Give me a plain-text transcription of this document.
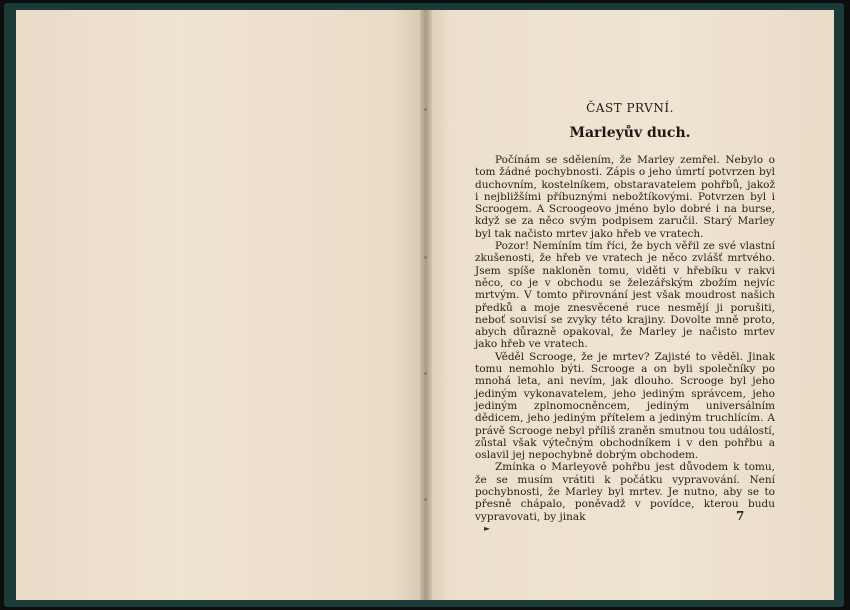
ČAST PRVNÍ.
Marleyův duch.

Počínám se sdělením, že Marley zemřel. Nebylo o tom žádné pochybnosti. Zápis o jeho úmrtí potvrzen byl duchovním, kostelníkem, obstaravatelem pohřbů, jakož i nejbližšími příbuznými nebožtíkovými. Potvrzen byl i Scroogem. A Scroogeovo jméno bylo dobré i na burse, když se za něco svým podpisem zaručil. Starý Marley byl tak načisto mrtev jako hřeb ve vratech.

Pozor! Nemíním tím říci, že bych věřil ze své vlastní zkušenosti, že hřeb ve vratech je něco zvlášť mrtvého. Jsem spíše nakloněn tomu, viděti v hřebíku v rakvi něco, co je v obchodu se železářským zbožím nejvíc mrtvým. V tomto přirovnání jest však moudrost našich předků a moje znesvěcené ruce nesmějí ji porušiti, neboť souvisí se zvyky této krajiny. Dovolte mně proto, abych důrazně opakoval, že Marley je načisto mrtev jako hřeb ve vratech.

Věděl Scrooge, že je mrtev? Zajisté to věděl. Jinak tomu nemohlo býti. Scrooge a on byli společníky po mnohá leta, ani nevím, jak dlouho. Scrooge byl jeho jediným vykonavatelem, jeho jediným správcem, jeho jediným zplnomocněncem, jediným universálním dědicem, jeho jediným přítelem a jediným truchlícím. A právě Scrooge nebyl příliš zraněn smutnou tou událostí, zůstal však výtečným obchodníkem i v den pohřbu a oslavil jej nepochybně dobrým obchodem.

Zmínka o Marleyově pohřbu jest důvodem k tomu, že se musím vrátiti k počátku vypravování. Není pochybnosti, že Marley byl mrtev. Je nutno, aby se to přesně chápalo, poněvadž v povídce, kterou budu vypravovati, by jinak	7
►
